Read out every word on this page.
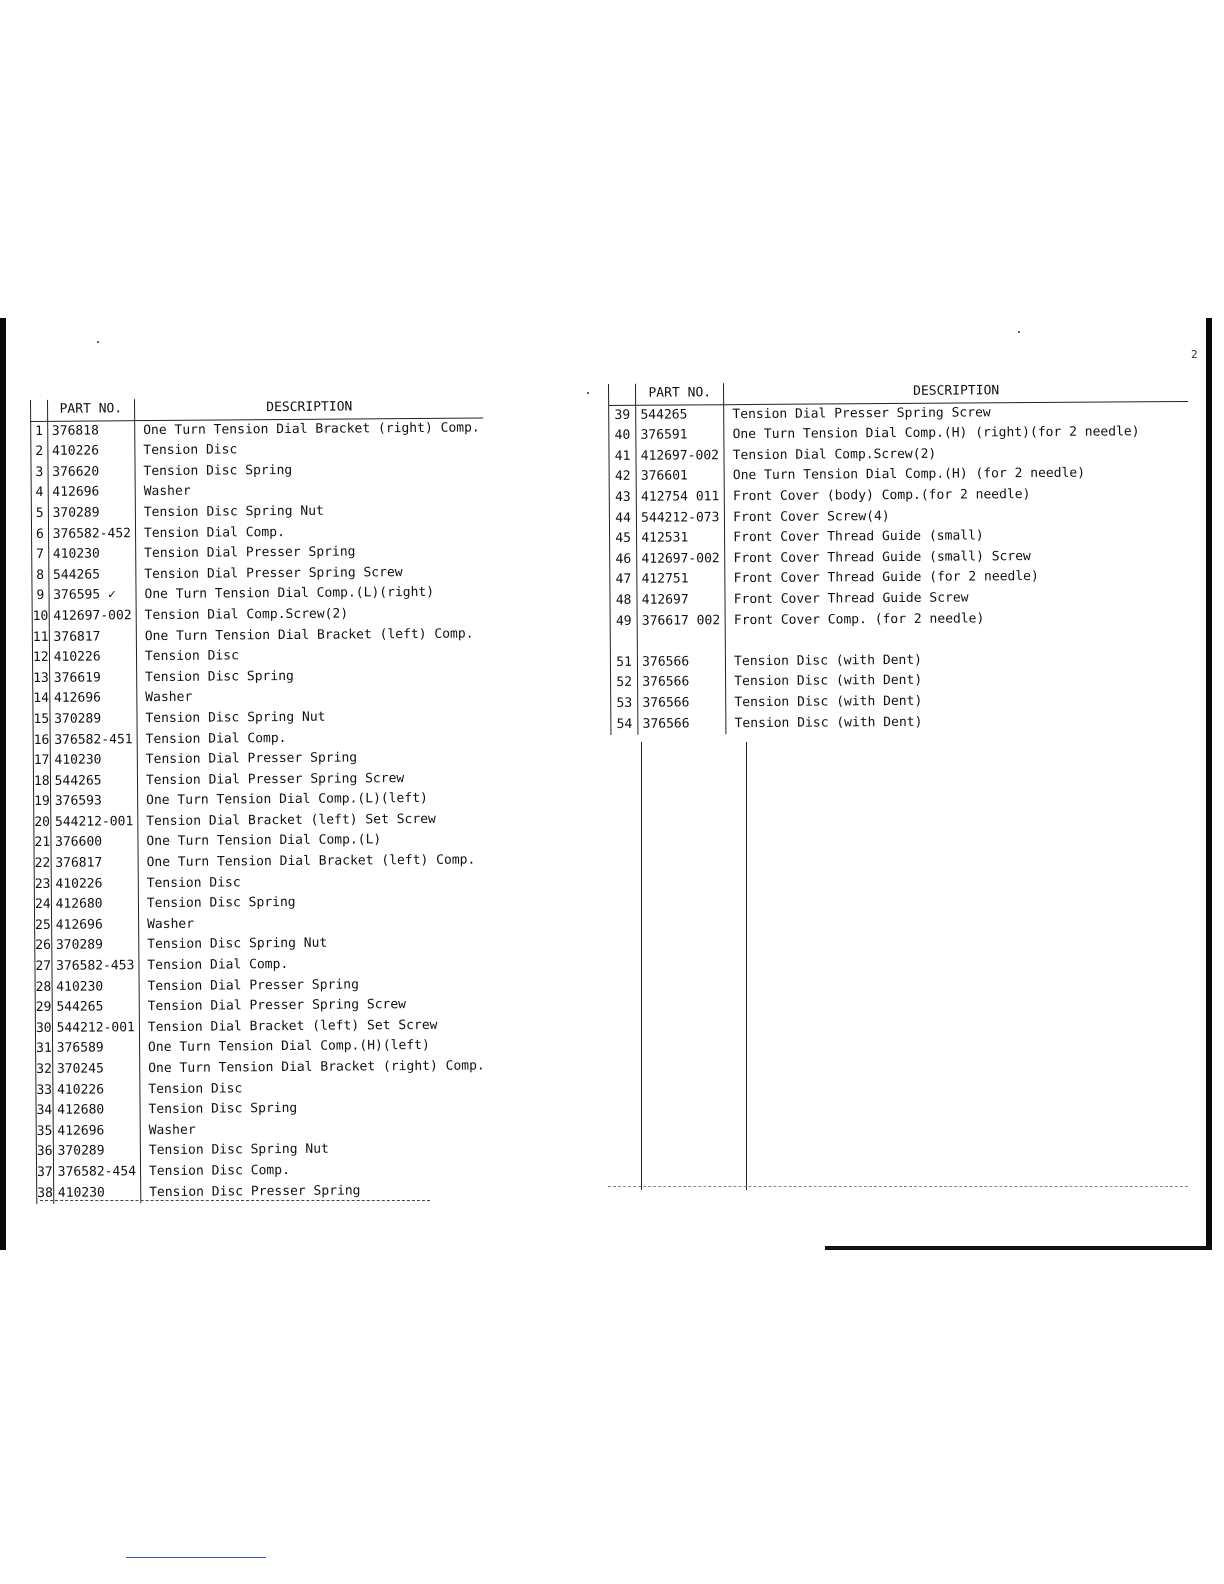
2
	PART NO.	DESCRIPTION
1	376818	One Turn Tension Dial Bracket (right) Comp.
2	410226	Tension Disc
3	376620	Tension Disc Spring
4	412696	Washer
5	370289	Tension Disc Spring Nut
6	376582-452	Tension Dial Comp.
7	410230	Tension Dial Presser Spring
8	544265	Tension Dial Presser Spring Screw
9	376595 ✓	One Turn Tension Dial Comp.(L)(right)
10	412697-002	Tension Dial Comp.Screw(2)
11	376817	One Turn Tension Dial Bracket (left) Comp.
12	410226	Tension Disc
13	376619	Tension Disc Spring
14	412696	Washer
15	370289	Tension Disc Spring Nut
16	376582-451	Tension Dial Comp.
17	410230	Tension Dial Presser Spring
18	544265	Tension Dial Presser Spring Screw
19	376593	One Turn Tension Dial Comp.(L)(left)
20	544212-001	Tension Dial Bracket (left) Set Screw
21	376600	One Turn Tension Dial Comp.(L)
22	376817	One Turn Tension Dial Bracket (left) Comp.
23	410226	Tension Disc
24	412680	Tension Disc Spring
25	412696	Washer
26	370289	Tension Disc Spring Nut
27	376582-453	Tension Dial Comp.
28	410230	Tension Dial Presser Spring
29	544265	Tension Dial Presser Spring Screw
30	544212-001	Tension Dial Bracket (left) Set Screw
31	376589	One Turn Tension Dial Comp.(H)(left)
32	370245	One Turn Tension Dial Bracket (right) Comp.
33	410226	Tension Disc
34	412680	Tension Disc Spring
35	412696	Washer
36	370289	Tension Disc Spring Nut
37	376582-454	Tension Disc Comp.
38	410230	Tension Disc Presser Spring
	PART NO.	DESCRIPTION
39	544265	Tension Dial Presser Spring Screw
40	376591	One Turn Tension Dial Comp.(H) (right)(for 2 needle)
41	412697-002	Tension Dial Comp.Screw(2)
42	376601	One Turn Tension Dial Comp.(H) (for 2 needle)
43	412754 011	Front Cover (body) Comp.(for 2 needle)
44	544212-073	Front Cover Screw(4)
45	412531	Front Cover Thread Guide (small)
46	412697-002	Front Cover Thread Guide (small) Screw
47	412751	Front Cover Thread Guide (for 2 needle)
48	412697	Front Cover Thread Guide Screw
49	376617 002	Front Cover Comp. (for 2 needle)

51	376566	Tension Disc (with Dent)
52	376566	Tension Disc (with Dent)
53	376566	Tension Disc (with Dent)
54	376566	Tension Disc (with Dent)
